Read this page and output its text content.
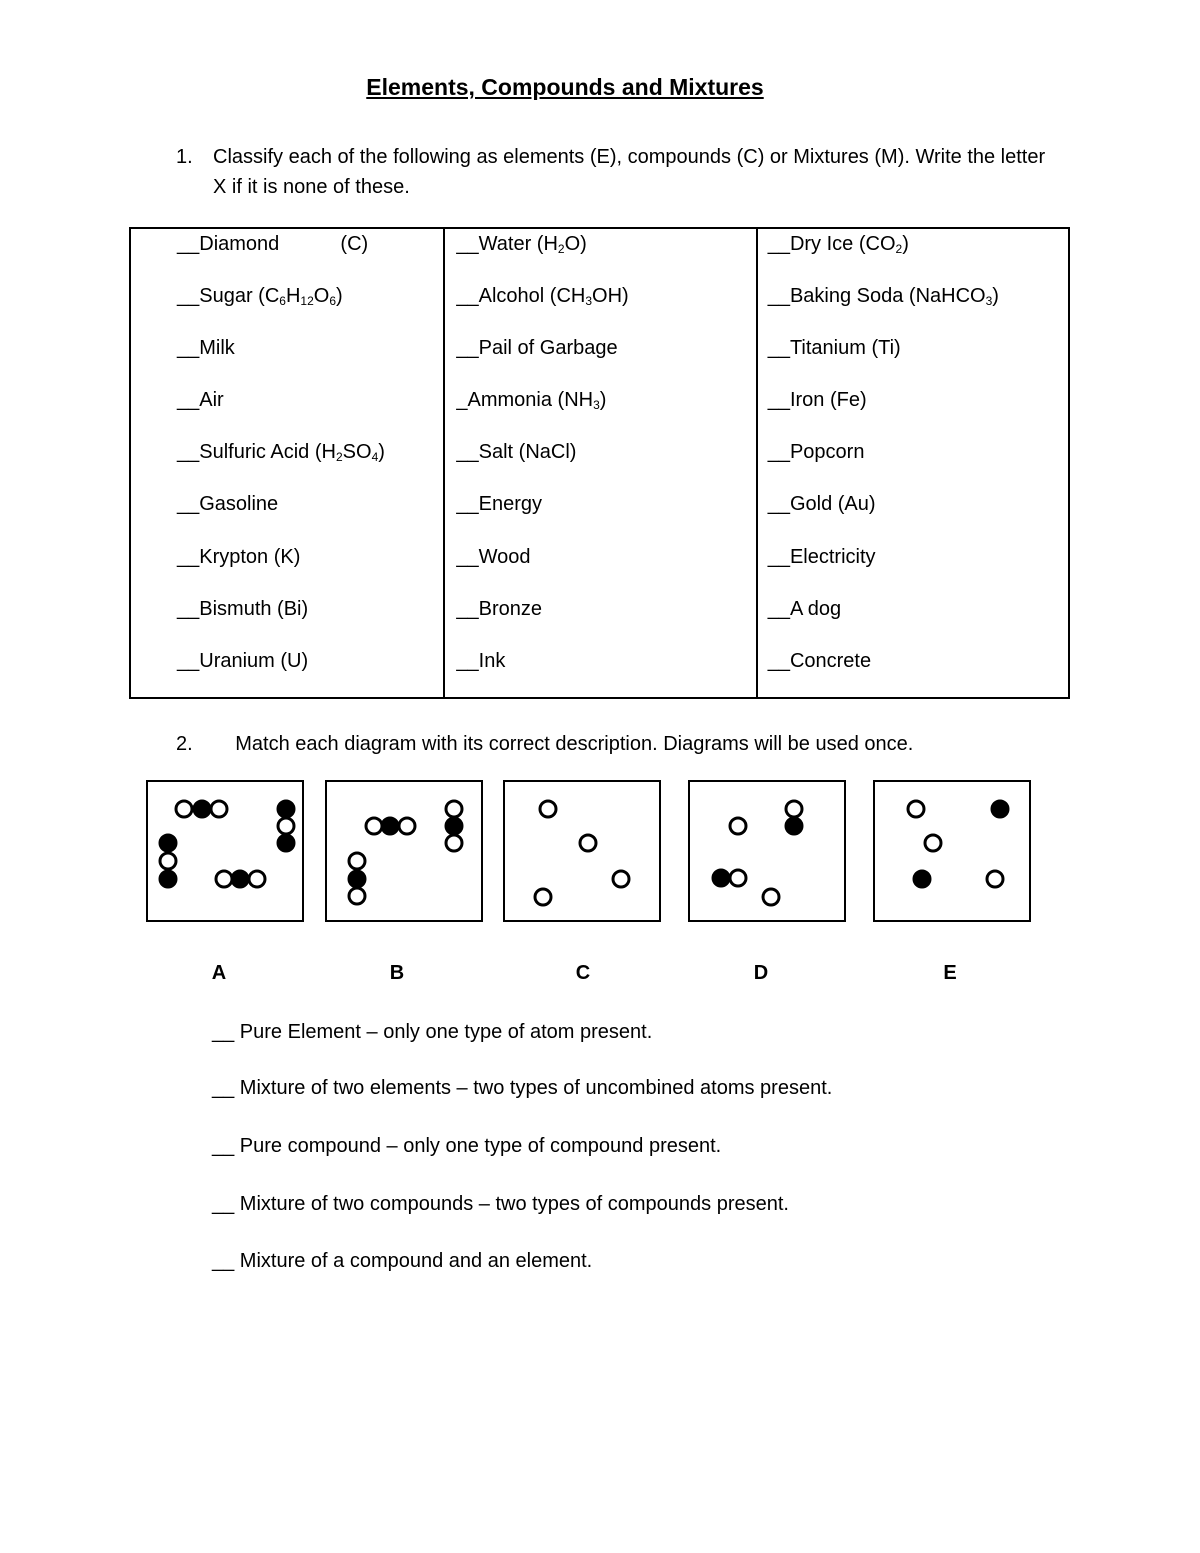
Elements, Compounds and Mixtures
1. Classify each of the following as elements (E), compounds (C) or Mixtures (M). Write the letter X if it is none of these.
__Diamond           (C)
__Sugar $(C_6H_{12}O_6)$
__Milk
__Air
__Sulfuric Acid $(H_2SO_4)$
__Gasoline
__Krypton (K)
__Bismuth (Bi)
__Uranium (U)
__Water $(H_2O)$
__Alcohol $(CH_3OH)$
__Pail of Garbage
_Ammonia $(NH_3)$
__Salt (NaCl)
__Energy
__Wood
__Bronze
__Ink
__Dry Ice $(CO_2)$
__Baking Soda (NaHCO$_3$)
__Titanium (Ti)
__Iron (Fe)
__Popcorn
__Gold (Au)
__Electricity
__A dog
__Concrete
2. Match each diagram with its correct description. Diagrams will be used once.
A	B	C	D	E
__ Pure Element – only one type of atom present.
__ Mixture of two elements – two types of uncombined atoms present.
__ Pure compound – only one type of compound present.
__ Mixture of two compounds – two types of compounds present.
__ Mixture of a compound and an element.
